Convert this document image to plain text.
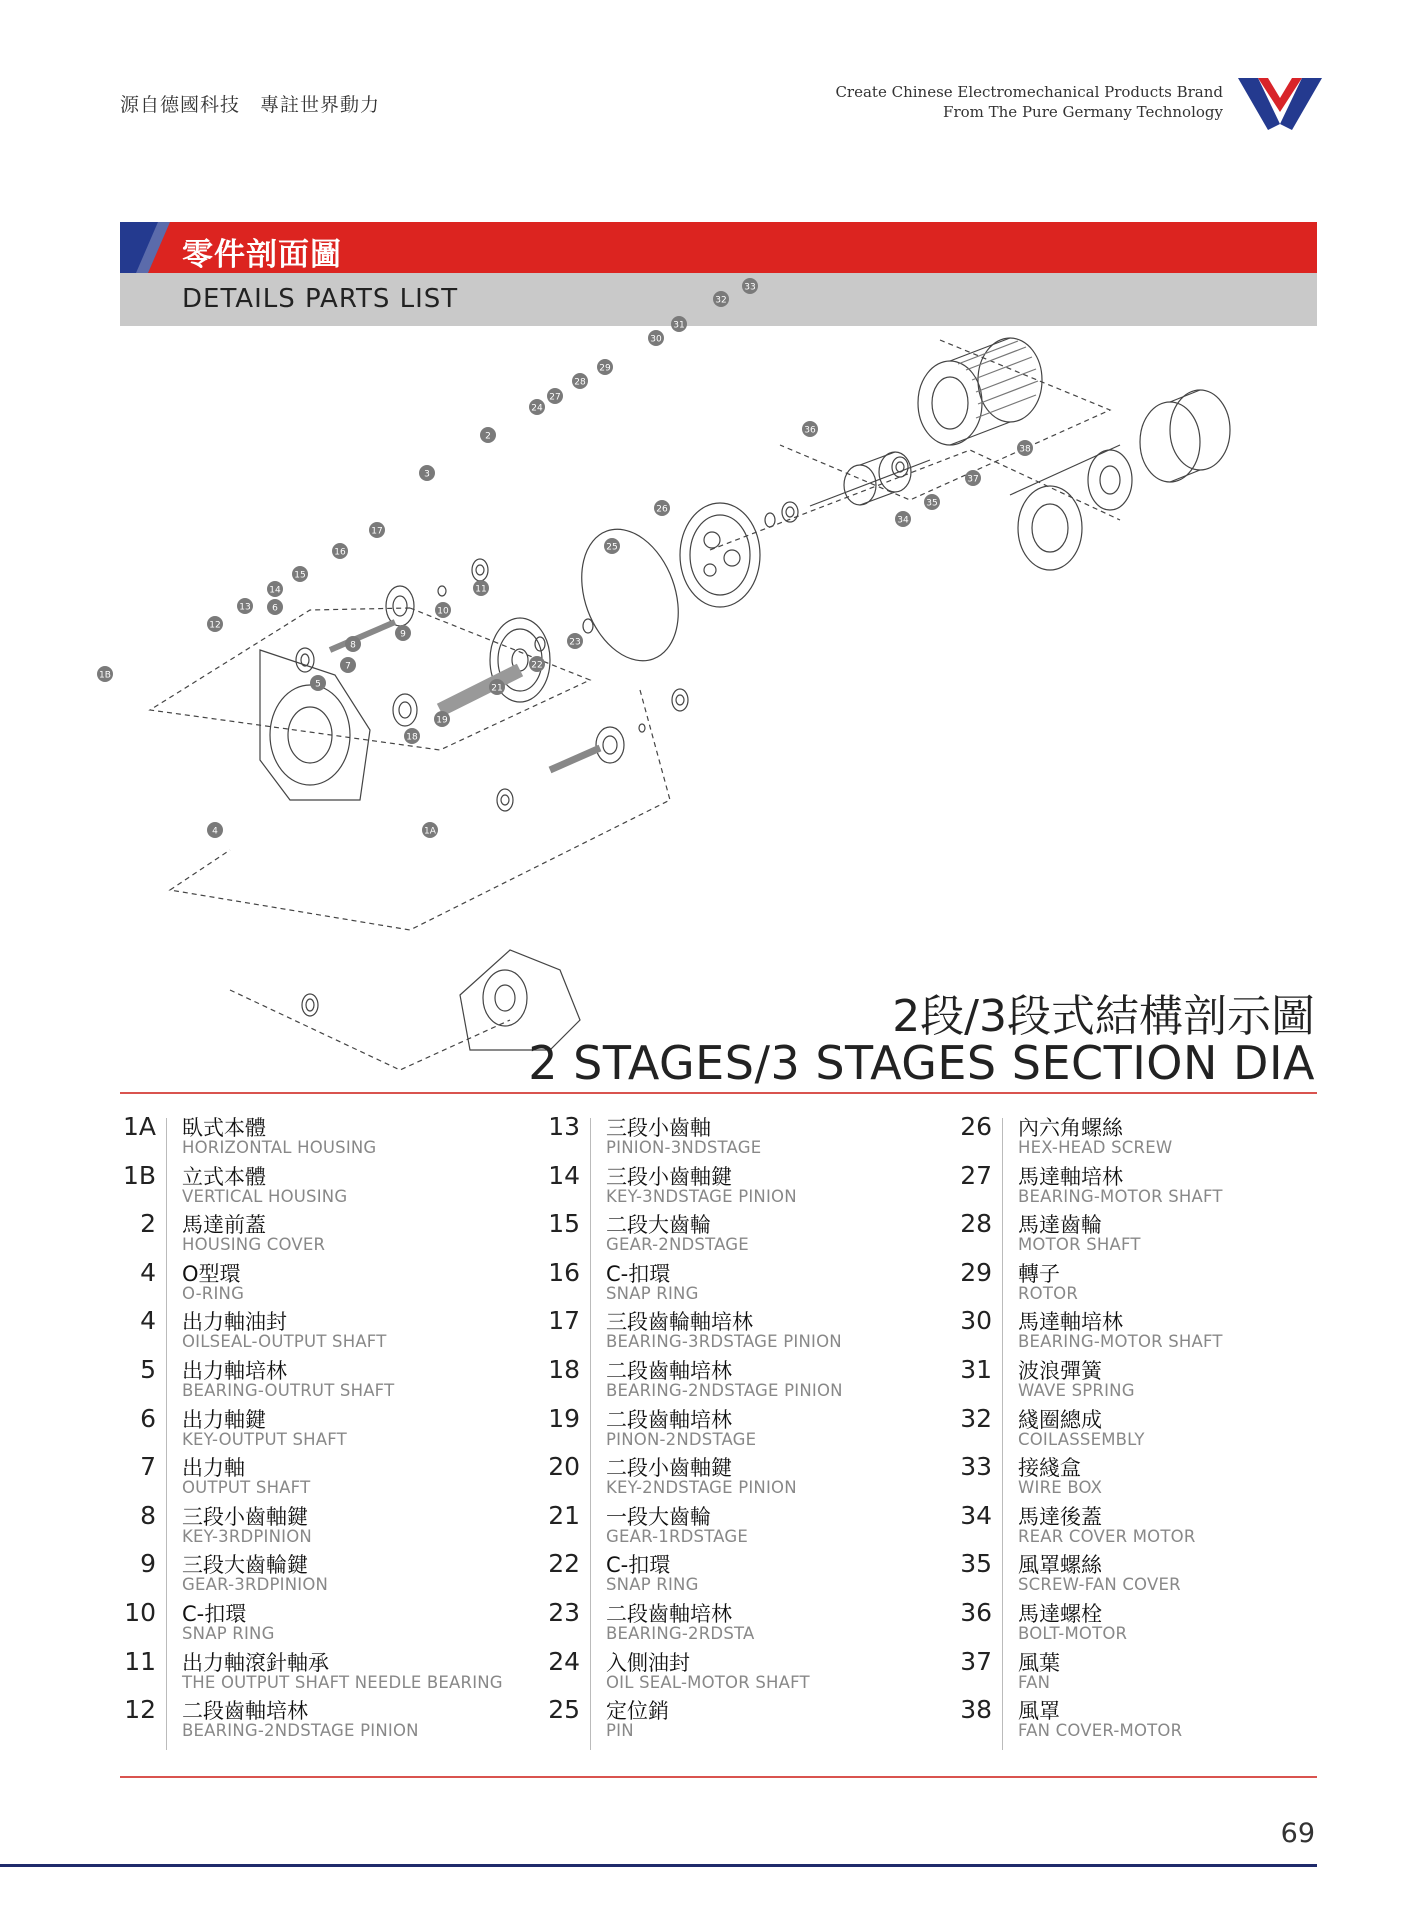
源自德國科技　專註世界動力
Create Chinese Electromechanical Products Brand
From The Pure Germany Technology
零件剖面圖
DETAILS PARTS LIST	33
32
31
30
29
28
27
24
2
3
36
38
37
35
34
26
25
17
16
15
14
13
12
6
11
10
9
8
7
23
22
21
5
19
18
1B
4	1A
2段/3段式結構剖示圖
2 STAGES/3 STAGES SECTION DIA
1A 臥式本體
HORIZONTAL HOUSING
1B 立式本體
VERTICAL HOUSING
2 馬達前蓋
HOUSING COVER
4 O型環
O-RING
4 出力軸油封
OILSEAL-OUTPUT SHAFT
5 出力軸培林
BEARING-OUTRUT SHAFT
6 出力軸鍵
KEY-OUTPUT SHAFT
7 出力軸
OUTPUT SHAFT
8 三段小齒軸鍵
KEY-3RDPINION
9 三段大齒輪鍵
GEAR-3RDPINION
10 C-扣環
SNAP RING
11 出力軸滾針軸承
THE OUTPUT SHAFT NEEDLE BEARING
12 二段齒軸培林
BEARING-2NDSTAGE PINION
13 三段小齒軸
PINION-3NDSTAGE
14 三段小齒軸鍵
KEY-3NDSTAGE PINION
15 二段大齒輪
GEAR-2NDSTAGE
16 C-扣環
SNAP RING
17 三段齒輪軸培林
BEARING-3RDSTAGE PINION
18 二段齒軸培林
BEARING-2NDSTAGE PINION
19 二段齒軸培林
PINON-2NDSTAGE
20 二段小齒軸鍵
KEY-2NDSTAGE PINION
21 一段大齒輪
GEAR-1RDSTAGE
22 C-扣環
SNAP RING
23 二段齒軸培林
BEARING-2RDSTA
24 入側油封
OIL SEAL-MOTOR SHAFT
25 定位銷
PIN
26 內六角螺絲
HEX-HEAD SCREW
27 馬達軸培林
BEARING-MOTOR SHAFT
28 馬達齒輪
MOTOR SHAFT
29 轉子
ROTOR
30 馬達軸培林
BEARING-MOTOR SHAFT
31 波浪彈簧
WAVE SPRING
32 綫圈總成
COILASSEMBLY
33 接綫盒
WIRE BOX
34 馬達後蓋
REAR COVER MOTOR
35 風罩螺絲
SCREW-FAN COVER
36 馬達螺栓
BOLT-MOTOR
37 風葉
FAN
38 風罩
FAN COVER-MOTOR
69
